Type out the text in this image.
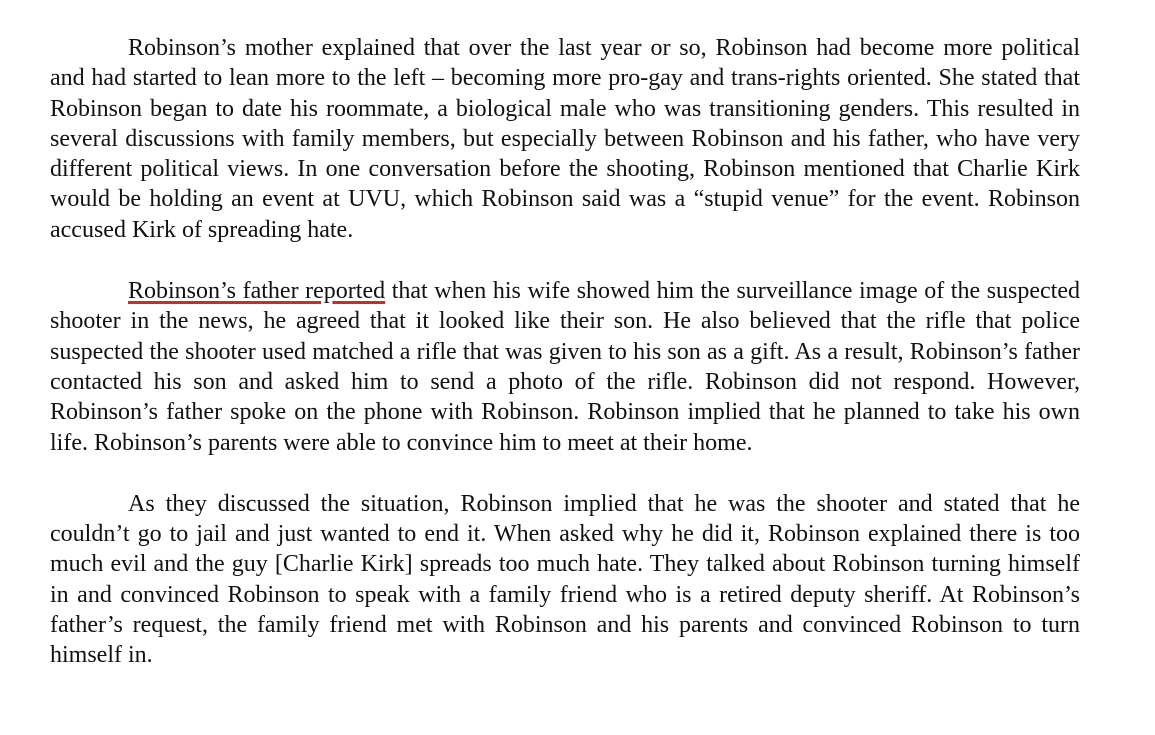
Robinson’s mother explained that over the last year or so, Robinson had become more political and had started to lean more to the left – becoming more pro-gay and trans-rights oriented. She stated that Robinson began to date his roommate, a biological male who was transitioning genders. This resulted in several discussions with family members, but especially between Robinson and his father, who have very different political views. In one conversation before the shooting, Robinson mentioned that Charlie Kirk would be holding an event at UVU, which Robinson said was a “stupid venue” for the event. Robinson accused Kirk of spreading hate.

Robinson’s father reported that when his wife showed him the surveillance image of the suspected shooter in the news, he agreed that it looked like their son. He also believed that the rifle that police suspected the shooter used matched a rifle that was given to his son as a gift. As a result, Robinson’s father contacted his son and asked him to send a photo of the rifle. Robinson did not respond. However, Robinson’s father spoke on the phone with Robinson. Robinson implied that he planned to take his own life. Robinson’s parents were able to convince him to meet at their home.

As they discussed the situation, Robinson implied that he was the shooter and stated that he couldn’t go to jail and just wanted to end it. When asked why he did it, Robinson explained there is too much evil and the guy [Charlie Kirk] spreads too much hate. They talked about Robinson turning himself in and convinced Robinson to speak with a family friend who is a retired deputy sheriff. At Robinson’s father’s request, the family friend met with Robinson and his parents and convinced Robinson to turn himself in.
